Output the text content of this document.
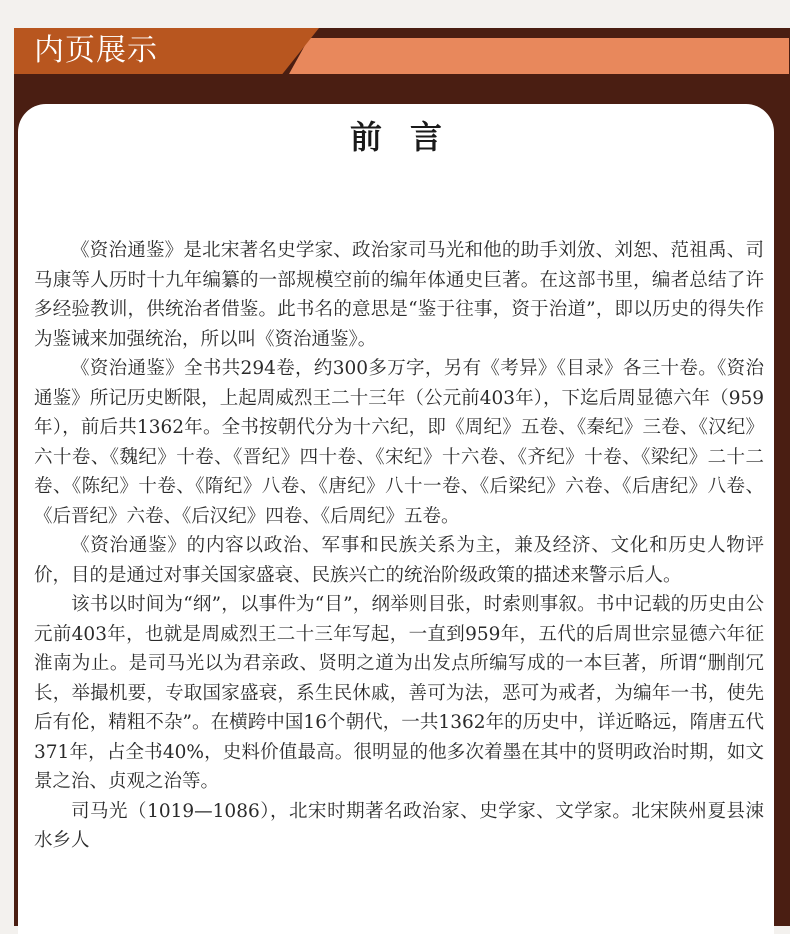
内页展示
前言

《资治通鉴》是北宋著名史学家、政治家司马光和他的助手刘攽、刘恕、范祖禹、司马康等人历时十九年编纂的一部规模空前的编年体通史巨著。在这部书里，编者总结了许多经验教训，供统治者借鉴。此书名的意思是“鉴于往事，资于治道”，即以历史的得失作为鉴诫来加强统治，所以叫《资治通鉴》。

《资治通鉴》全书共294卷，约300多万字，另有《考异》《目录》各三十卷。《资治通鉴》所记历史断限，上起周威烈王二十三年（公元前403年），下迄后周显德六年（959年），前后共1362年。全书按朝代分为十六纪，即《周纪》五卷、《秦纪》三卷、《汉纪》六十卷、《魏纪》十卷、《晋纪》四十卷、《宋纪》十六卷、《齐纪》十卷、《梁纪》二十二卷、《陈纪》十卷、《隋纪》八卷、《唐纪》八十一卷、《后梁纪》六卷、《后唐纪》八卷、《后晋纪》六卷、《后汉纪》四卷、《后周纪》五卷。

《资治通鉴》的内容以政治、军事和民族关系为主，兼及经济、文化和历史人物评价，目的是通过对事关国家盛衰、民族兴亡的统治阶级政策的描述来警示后人。

该书以时间为“纲”，以事件为“目”，纲举则目张，时索则事叙。书中记载的历史由公元前403年，也就是周威烈王二十三年写起，一直到959年，五代的后周世宗显德六年征淮南为止。是司马光以为君亲政、贤明之道为出发点所编写成的一本巨著，所谓“删削冗长，举撮机要，专取国家盛衰，系生民休戚，善可为法，恶可为戒者，为编年一书，使先后有伦，精粗不杂”。在横跨中国16个朝代，一共1362年的历史中，详近略远，隋唐五代371年，占全书40%，史料价值最高。很明显的他多次着墨在其中的贤明政治时期，如文景之治、贞观之治等。

司马光（1019—1086），北宋时期著名政治家、史学家、文学家。北宋陕州夏县涑水乡人
